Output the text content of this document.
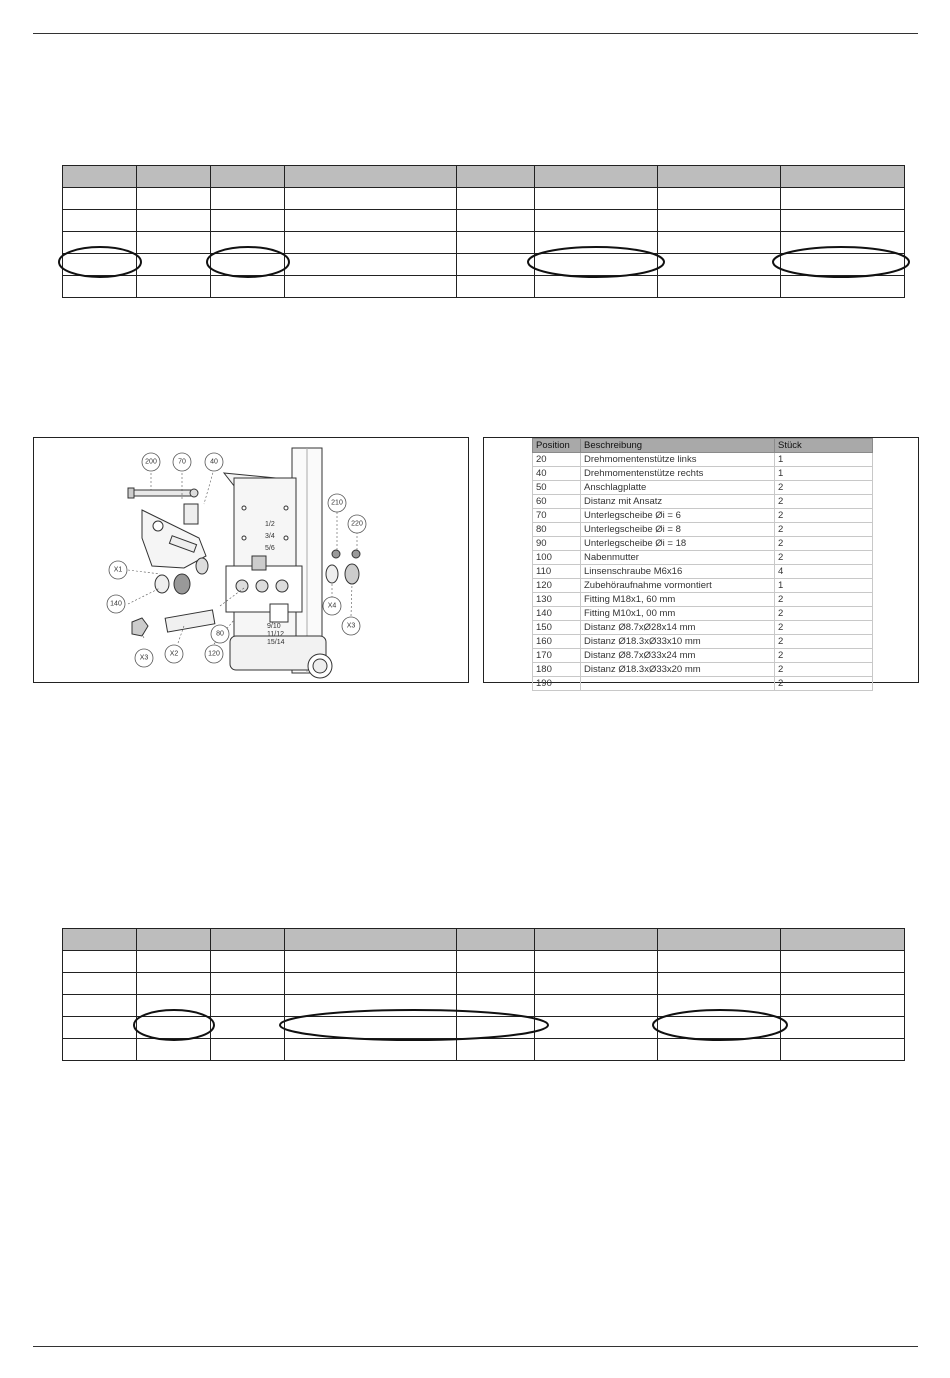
200	70	40
210
220
X1
140
X3
X2
80
120
X4
X3
1/2
3/4
5/6
9/10
11/12
15/14
Position	Beschreibung	Stück
20	Drehmomentenstütze links	1
40	Drehmomentenstütze rechts	1
50	Anschlagplatte	2
60	Distanz mit Ansatz	2
70	Unterlegscheibe Øi = 6	2
80	Unterlegscheibe Øi = 8	2
90	Unterlegscheibe Øi = 18	2
100	Nabenmutter	2
110	Linsenschraube M6x16	4
120	Zubehöraufnahme vormontiert	1
130	Fitting M18x1, 60 mm	2
140	Fitting M10x1, 00 mm	2
150	Distanz Ø8.7xØ28x14 mm	2
160	Distanz Ø18.3xØ33x10 mm	2
170	Distanz Ø8.7xØ33x24 mm	2
180	Distanz Ø18.3xØ33x20 mm	2
190		2
